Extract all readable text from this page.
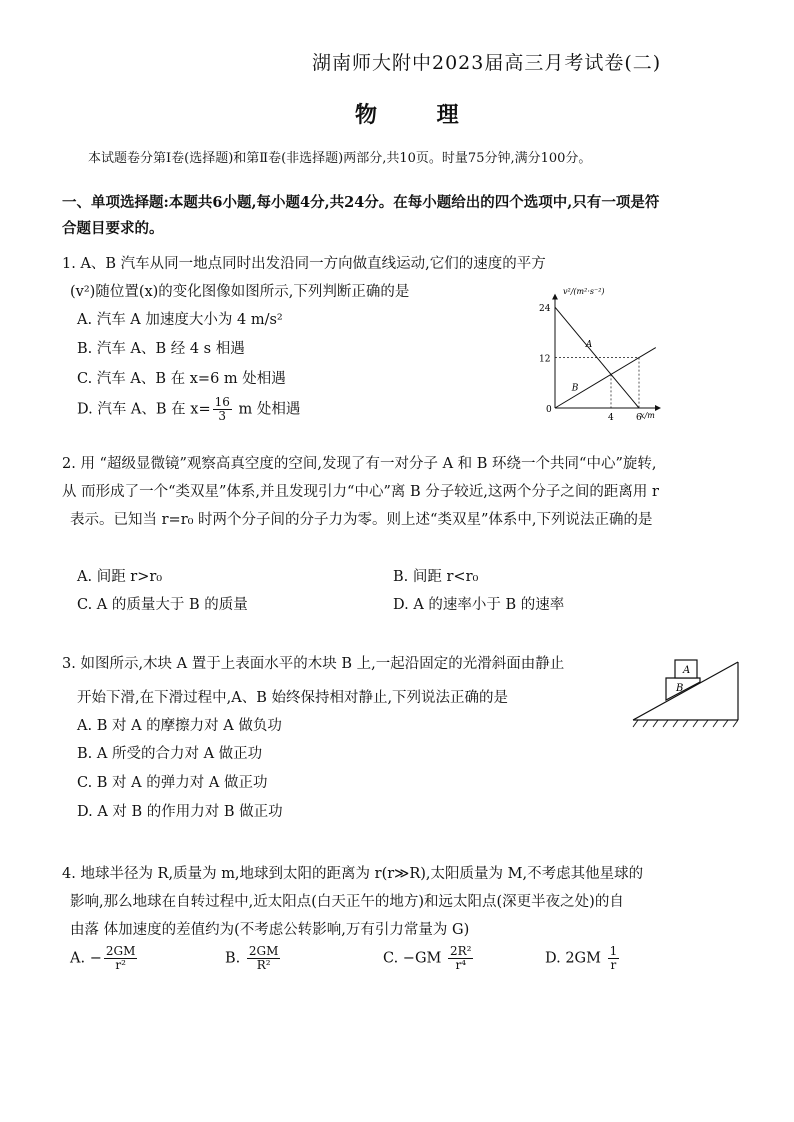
湖南师大附中2023届高三月考试卷(二)
物 理
本试题卷分第Ⅰ卷(选择题)和第Ⅱ卷(非选择题)两部分,共10页。时量75分钟,满分100分。
一、单项选择题:本题共6小题,每小题4分,共24分。在每小题给出的四个选项中,只有一项是符
合题目要求的。
1. A、B 汽车从同一地点同时出发沿同一方向做直线运动,它们的速度的平方
(v²)随位置(x)的变化图像如图所示,下列判断正确的是
A. 汽车 A 加速度大小为 4 m/s²
B. 汽车 A、B 经 4 s 相遇
C. 汽车 A、B 在 x=6 m 处相遇
D. 汽车 A、B 在 $x= \frac{16}{3}$ m 处相遇
v²/(m²·s⁻²)
x/m
0
24
12
4 6
A
B
2. 用 “超级显微镜”观察高真空度的空间,发现了有一对分子 A 和 B 环绕一个共同“中心”旋转,
从 而形成了一个“类双星”体系,并且发现引力“中心”离 B 分子较近,这两个分子之间的距离用 r
表示。已知当 r=r₀ 时两个分子间的分子力为零。则上述“类双星”体系中,下列说法正确的是
A. 间距 r>r₀	B. 间距 r<r₀
C. A 的质量大于 B 的质量	D. A 的速率小于 B 的速率
3. 如图所示,木块 A 置于上表面水平的木块 B 上,一起沿固定的光滑斜面由静止
开始下滑,在下滑过程中,A、B 始终保持相对静止,下列说法正确的是
A. B 对 A 的摩擦力对 A 做负功
B. A 所受的合力对 A 做正功
C. B 对 A 的弹力对 A 做正功
D. A 对 B 的作用力对 B 做正功
A
B
4. 地球半径为 R,质量为 m,地球到太阳的距离为 r(r≫R),太阳质量为 M,不考虑其他星球的
影响,那么地球在自转过程中,近太阳点(白天正午的地方)和远太阳点(深更半夜之处)的自
由落 体加速度的差值约为(不考虑公转影响,万有引力常量为 G)
A. − $\frac{2GM}{\text{r²}}$	B. $\frac{2GM}{\text{R²}}$	C. $-GM \frac{\text{2R²}}{\text{r⁴}}$	D. $2GM \frac{1}{r}$
